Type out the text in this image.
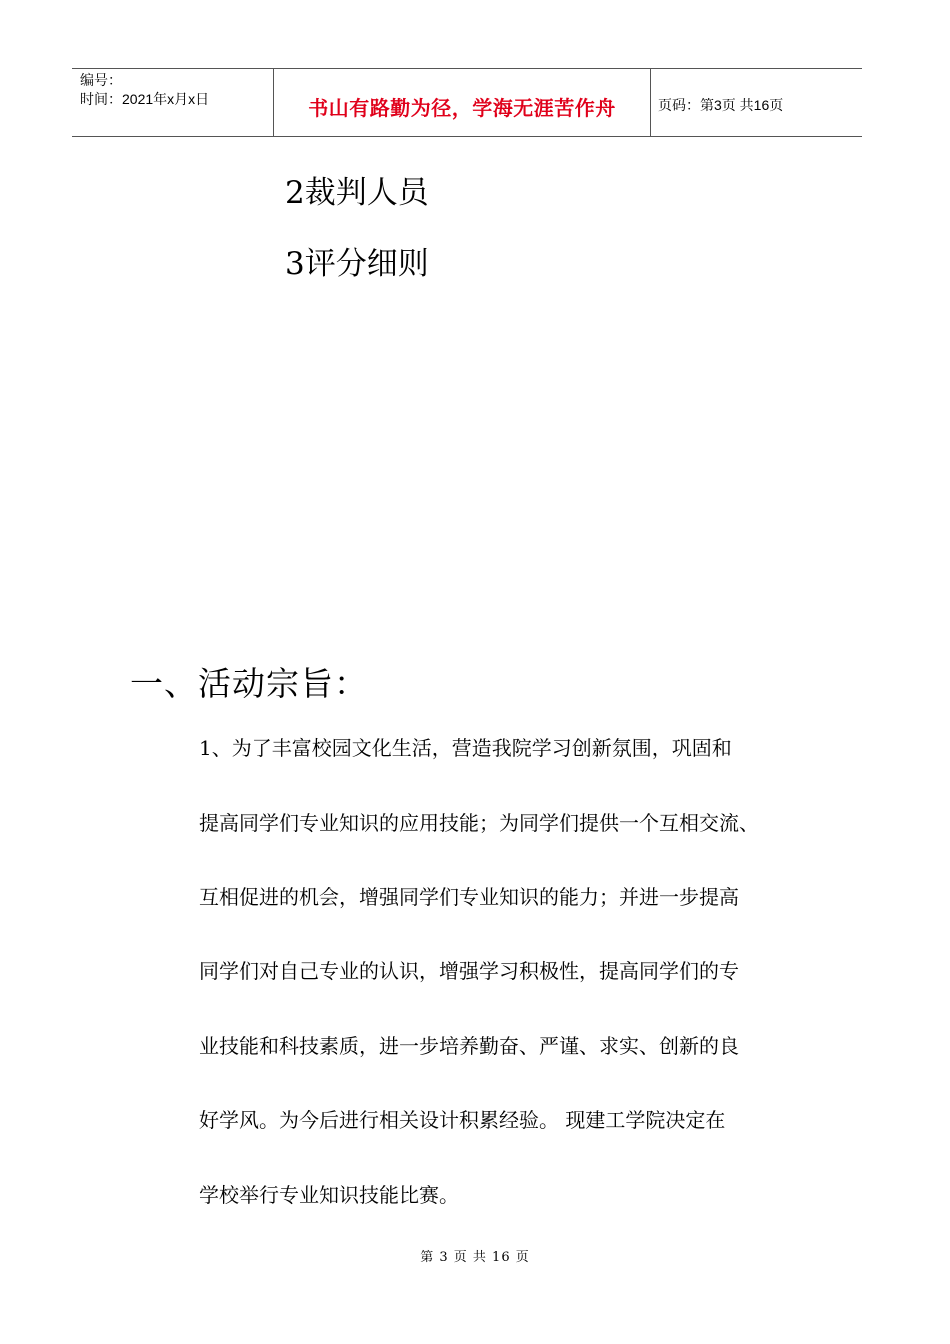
编号：
时间：2021年x月x日	书山有路勤为径，学海无涯苦作舟	页码：第3页 共16页
2裁判人员
3评分细则
一、活动宗旨：
1、为了丰富校园文化生活，营造我院学习创新氛围，巩固和
提高同学们专业知识的应用技能；为同学们提供一个互相交流、
互相促进的机会，增强同学们专业知识的能力；并进一步提高
同学们对自己专业的认识，增强学习积极性，提高同学们的专
业技能和科技素质，进一步培养勤奋、严谨、求实、创新的良
好学风。为今后进行相关设计积累经验。 现建工学院决定在
学校举行专业知识技能比赛。
第 3 页 共 16 页
